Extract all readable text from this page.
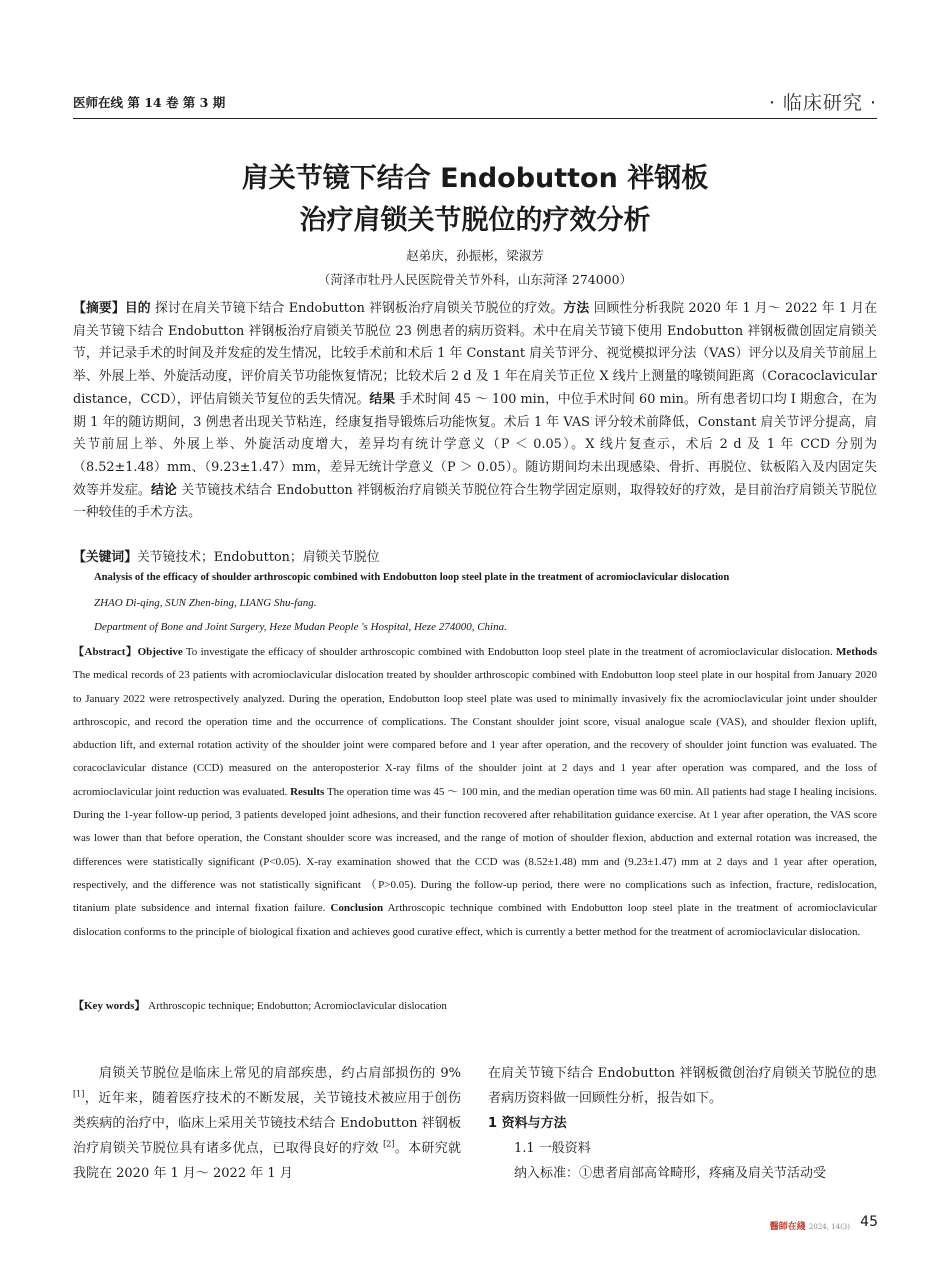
医师在线 第 14 卷 第 3 期	· 临床研究 ·
肩关节镜下结合 Endobutton 袢钢板
治疗肩锁关节脱位的疗效分析
赵弟庆，孙振彬，梁淑芳
（菏泽市牡丹人民医院骨关节外科，山东菏泽 274000）
【摘要】目的 探讨在肩关节镜下结合 Endobutton 袢钢板治疗肩锁关节脱位的疗效。方法 回顾性分析我院 2020 年 1 月～ 2022 年 1 月在肩关节镜下结合 Endobutton 袢钢板治疗肩锁关节脱位 23 例患者的病历资料。术中在肩关节镜下使用 Endobutton 袢钢板微创固定肩锁关节，并记录手术的时间及并发症的发生情况，比较手术前和术后 1 年 Constant 肩关节评分、视觉模拟评分法（VAS）评分以及肩关节前屈上举、外展上举、外旋活动度，评价肩关节功能恢复情况；比较术后 2 d 及 1 年在肩关节正位 X 线片上测量的喙锁间距离（Coracoclavicular distance，CCD），评估肩锁关节复位的丢失情况。结果 手术时间 45 ～ 100 min，中位手术时间 60 min。所有患者切口均 Ⅰ 期愈合，在为期 1 年的随访期间，3 例患者出现关节粘连，经康复指导锻炼后功能恢复。术后 1 年 VAS 评分较术前降低，Constant 肩关节评分提高，肩关节前屈上举、外展上举、外旋活动度增大，差异均有统计学意义（P ＜ 0.05）。X 线片复查示，术后 2 d 及 1 年 CCD 分别为（8.52±1.48）mm、（9.23±1.47）mm，差异无统计学意义（P ＞ 0.05）。随访期间均未出现感染、骨折、再脱位、钛板陷入及内固定失效等并发症。结论 关节镜技术结合 Endobutton 袢钢板治疗肩锁关节脱位符合生物学固定原则，取得较好的疗效，是目前治疗肩锁关节脱位一种较佳的手术方法。
【关键词】关节镜技术；Endobutton；肩锁关节脱位
Analysis of the efficacy of shoulder arthroscopic combined with Endobutton loop steel plate in the treatment of acromioclavicular dislocation
ZHAO Di-qing, SUN Zhen-bing, LIANG Shu-fang.
Department of Bone and Joint Surgery, Heze Mudan People 's Hospital, Heze 274000, China.
【Abstract】Objective To investigate the efficacy of shoulder arthroscopic combined with Endobutton loop steel plate in the treatment of acromioclavicular dislocation. Methods The medical records of 23 patients with acromioclavicular dislocation treated by shoulder arthroscopic combined with Endobutton loop steel plate in our hospital from January 2020 to January 2022 were retrospectively analyzed. During the operation, Endobutton loop steel plate was used to minimally invasively fix the acromioclavicular joint under shoulder arthroscopic, and record the operation time and the occurrence of complications. The Constant shoulder joint score, visual analogue scale (VAS), and shoulder flexion uplift, abduction lift, and external rotation activity of the shoulder joint were compared before and 1 year after operation, and the recovery of shoulder joint function was evaluated. The coracoclavicular distance (CCD) measured on the anteroposterior X-ray films of the shoulder joint at 2 days and 1 year after operation was compared, and the loss of acromioclavicular joint reduction was evaluated. Results The operation time was 45 ～ 100 min, and the median operation time was 60 min. All patients had stage I healing incisions. During the 1-year follow-up period, 3 patients developed joint adhesions, and their function recovered after rehabilitation guidance exercise. At 1 year after operation, the VAS score was lower than that before operation, the Constant shoulder score was increased, and the range of motion of shoulder flexion, abduction and external rotation was increased, the differences were statistically significant (P<0.05). X-ray examination showed that the CCD was (8.52±1.48) mm and (9.23±1.47) mm at 2 days and 1 year after operation, respectively, and the difference was not statistically significant （P>0.05). During the follow-up period, there were no complications such as infection, fracture, redislocation, titanium plate subsidence and internal fixation failure. Conclusion Arthroscopic technique combined with Endobutton loop steel plate in the treatment of acromioclavicular dislocation conforms to the principle of biological fixation and achieves good curative effect, which is currently a better method for the treatment of acromioclavicular dislocation.
【Key words】 Arthroscopic technique; Endobutton; Acromioclavicular dislocation

肩锁关节脱位是临床上常见的肩部疾患，约占肩部损伤的 9%[1]，近年来，随着医疗技术的不断发展，关节镜技术被应用于创伤类疾病的治疗中，临床上采用关节镜技术结合 Endobutton 袢钢板治疗肩锁关节脱位具有诸多优点，已取得良好的疗效 [2]。本研究就我院在 2020 年 1 月～ 2022 年 1 月

在肩关节镜下结合 Endobutton 袢钢板微创治疗肩锁关节脱位的患者病历资料做一回顾性分析，报告如下。

1 资料与方法
1.1 一般资料

纳入标准：①患者肩部高耸畸形，疼痛及肩关节活动受

醫師在綫 2024, 14(3) 45
